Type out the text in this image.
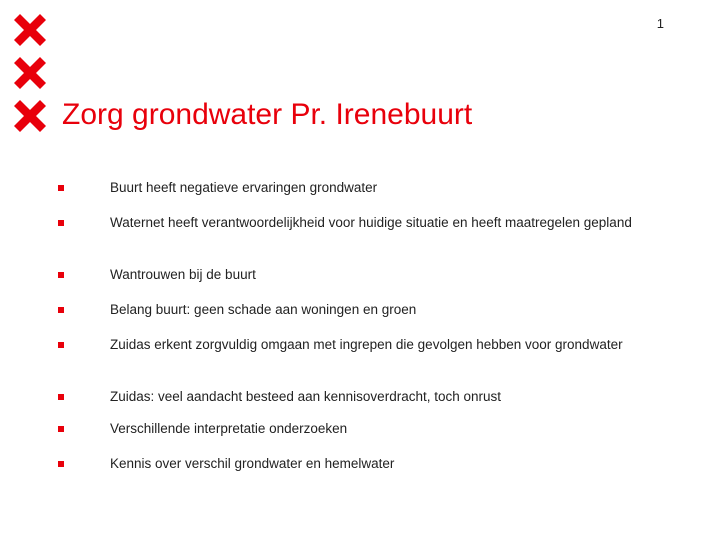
1
Zorg grondwater Pr. Irenebuurt
Buurt heeft negatieve ervaringen grondwater
Waternet heeft verantwoordelijkheid voor huidige situatie en heeft maatregelen gepland
Wantrouwen bij de buurt
Belang buurt: geen schade aan woningen en groen
Zuidas erkent zorgvuldig omgaan met ingrepen die gevolgen hebben voor grondwater
Zuidas: veel aandacht besteed aan kennisoverdracht, toch onrust
Verschillende interpretatie onderzoeken
Kennis over verschil grondwater en hemelwater
